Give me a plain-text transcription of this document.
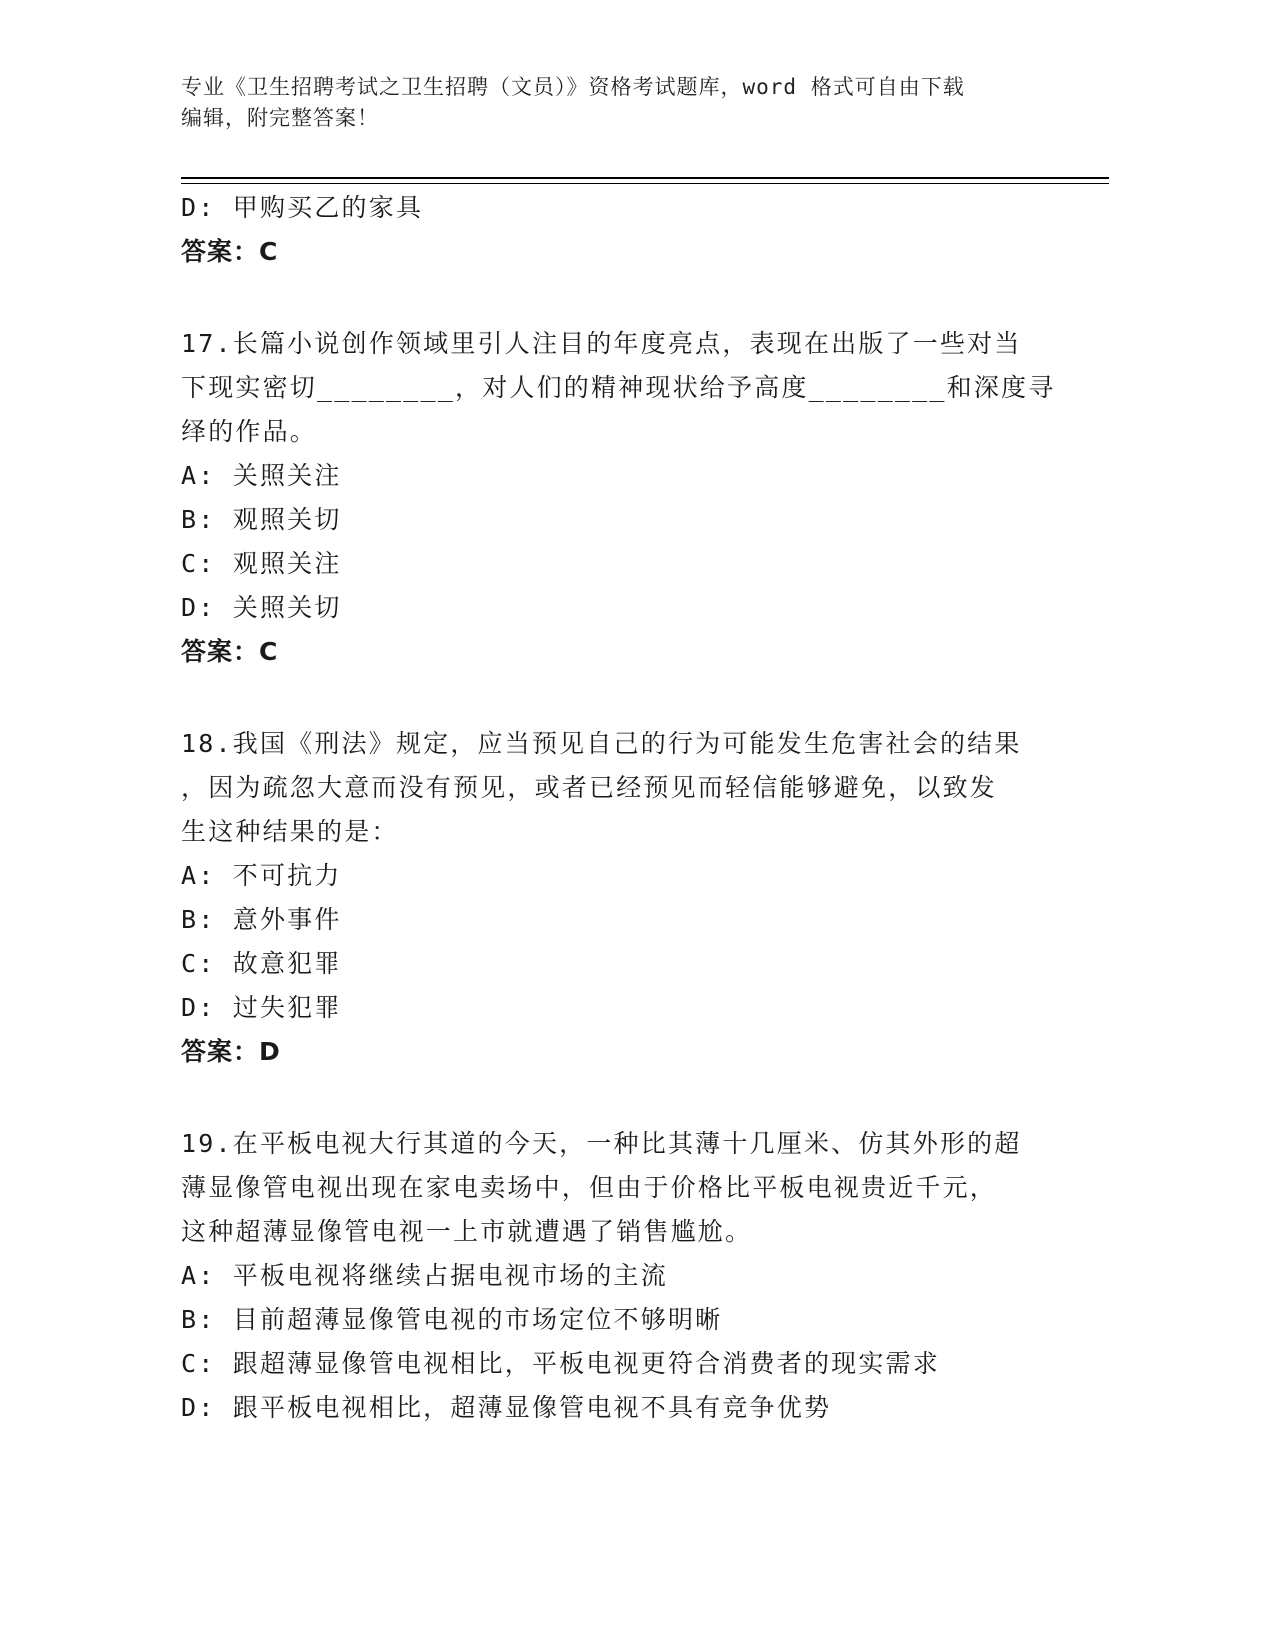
专业《卫生招聘考试之卫生招聘（文员）》资格考试题库，word 格式可自由下载
编辑，附完整答案！
D: 甲购买乙的家具
答案：C
17.长篇小说创作领域里引人注目的年度亮点，表现在出版了一些对当
下现实密切________，对人们的精神现状给予高度________和深度寻
绎的作品。
A: 关照关注
B: 观照关切
C: 观照关注
D: 关照关切
答案：C
18.我国《刑法》规定，应当预见自己的行为可能发生危害社会的结果
，因为疏忽大意而没有预见，或者已经预见而轻信能够避免，以致发
生这种结果的是：
A: 不可抗力
B: 意外事件
C: 故意犯罪
D: 过失犯罪
答案：D
19.在平板电视大行其道的今天，一种比其薄十几厘米、仿其外形的超
薄显像管电视出现在家电卖场中，但由于价格比平板电视贵近千元，
这种超薄显像管电视一上市就遭遇了销售尴尬。
A: 平板电视将继续占据电视市场的主流
B: 目前超薄显像管电视的市场定位不够明晰
C: 跟超薄显像管电视相比，平板电视更符合消费者的现实需求
D: 跟平板电视相比，超薄显像管电视不具有竞争优势
